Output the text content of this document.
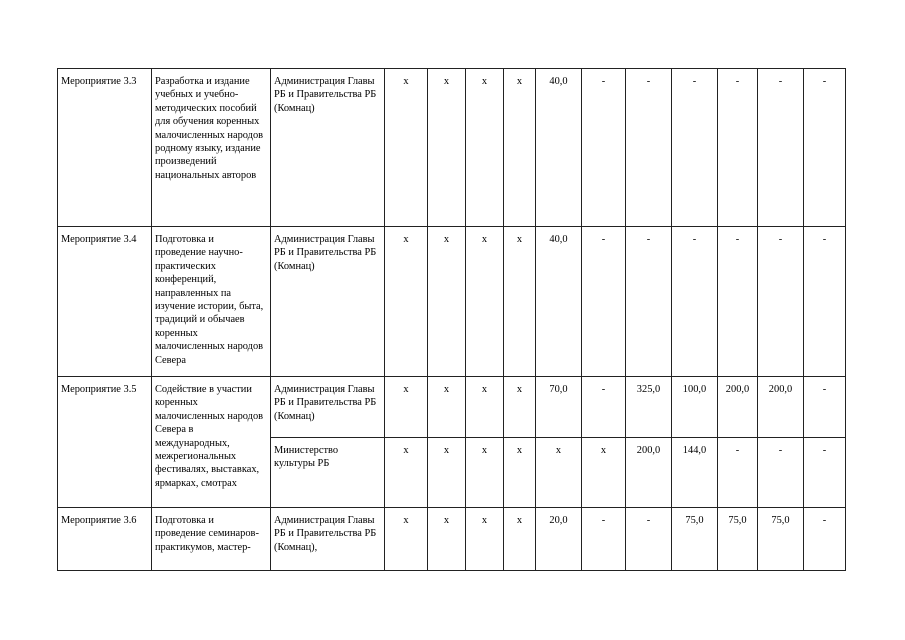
Мероприятие 3.3	Разработка и издание учебных и учебно-методических пособий для обучения коренных малочисленных народов родному языку, издание произведений национальных авторов	Администрация Главы РБ и Правительства РБ (Комнац)	x	x	x	x	40,0	-	-	-	-	-	-
Мероприятие 3.4	Подготовка и проведение научно-практических конференций, направленных па изучение истории, быта, традиций и обычаев коренных малочисленных народов Севера	Администрация Главы РБ и Правительства РБ (Комнац)	x	x	x	x	40,0	-	-	-	-	-	-
Мероприятие 3.5	Содействие в участии коренных малочисленных народов Севера в международных, межрегиональных фестивалях, выставках, ярмарках, смотрах	Администрация Главы РБ и Правительства РБ (Комнац)	x	x	x	x	70,0	-	325,0	100,0	200,0	200,0	-
		Министерство культуры РБ	x	x	x	x	x	x	200,0	144,0	-	-	-
Мероприятие 3.6	Подготовка и проведение семинаров-практикумов, мастер-	Администрация Главы РБ и Правительства РБ (Комнац),	x	x	x	x	20,0	-	-	75,0	75,0	75,0	-
